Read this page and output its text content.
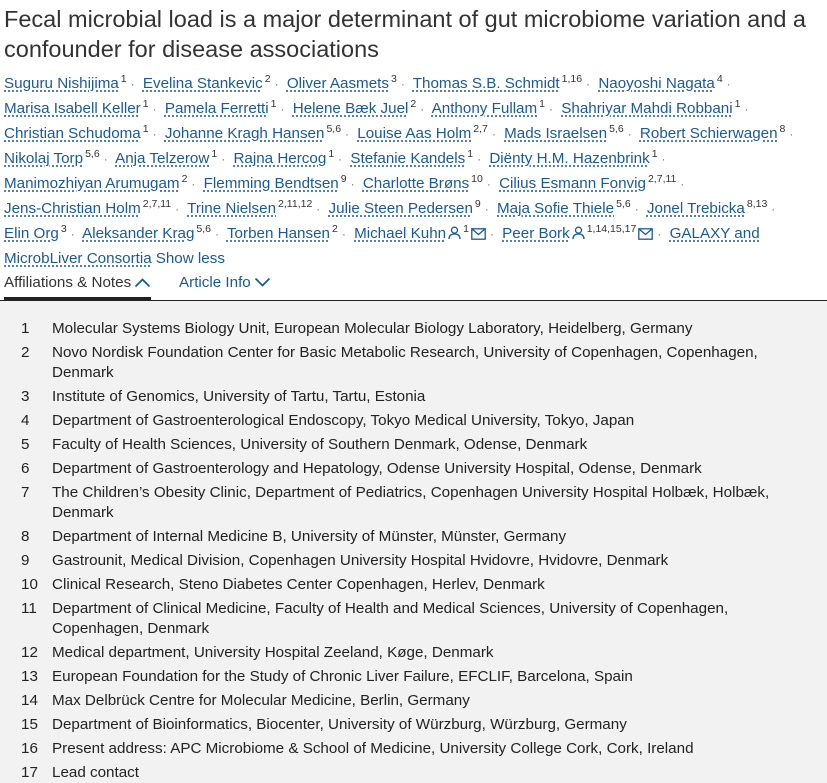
Fecal microbial load is a major determinant of gut microbiome variation and a confounder for disease associations
Suguru Nishijima $^1$ · Evelina Stankevic $^2$ · Oliver Aasmets $^3$ · Thomas S.B. Schmidt $^{1,16}$ · Naoyoshi Nagata $^4$ · Marisa Isabell Keller $^1$ · Pamela Ferretti $^1$ · Helene Bæk Juel $^2$ · Anthony Fullam $^1$ · Shahriyar Mahdi Robbani $^1$ · Christian Schudoma $^1$ · Johanne Kragh Hansen $^{5,6}$ · Louise Aas Holm $^{2,7}$ · Mads Israelsen $^{5,6}$ · Robert Schierwagen $^8$ · Nikolaj Torp $^{5,6}$ · Anja Telzerow $^1$ · Rajna Hercog $^1$ · Stefanie Kandels $^1$ · Diënty H.M. Hazenbrink $^1$ · Manimozhiyan Arumugam $^2$ · Flemming Bendtsen $^9$ · Charlotte Brøns $^{10}$ · Cilius Esmann Fonvig $^{2,7,11}$ · Jens-Christian Holm $^{2,7,11}$ · Trine Nielsen $^{2,11,12}$ · Julie Steen Pedersen $^9$ · Maja Sofie Thiele $^{5,6}$ · Jonel Trebicka $^{8,13}$ · Elin Org $^3$ · Aleksander Krag $^{5,6}$ · Torben Hansen $^2$ · Michael Kuhn $^1$ · Peer Bork $^{1,14,15,17}$ · GALAXY and MicrobLiver Consortia Show less
Affiliations & Notes	Article Info
1	Molecular Systems Biology Unit, European Molecular Biology Laboratory, Heidelberg, Germany
2	Novo Nordisk Foundation Center for Basic Metabolic Research, University of Copenhagen, Copenhagen, Denmark
3	Institute of Genomics, University of Tartu, Tartu, Estonia
4	Department of Gastroenterological Endoscopy, Tokyo Medical University, Tokyo, Japan
5	Faculty of Health Sciences, University of Southern Denmark, Odense, Denmark
6	Department of Gastroenterology and Hepatology, Odense University Hospital, Odense, Denmark
7	The Children’s Obesity Clinic, Department of Pediatrics, Copenhagen University Hospital Holbæk, Holbæk, Denmark
8	Department of Internal Medicine B, University of Münster, Münster, Germany
9	Gastrounit, Medical Division, Copenhagen University Hospital Hvidovre, Hvidovre, Denmark
10 Clinical Research, Steno Diabetes Center Copenhagen, Herlev, Denmark
11	Department of Clinical Medicine, Faculty of Health and Medical Sciences, University of Copenhagen, Copenhagen, Denmark
12 Medical department, University Hospital Zeeland, Køge, Denmark
13 European Foundation for the Study of Chronic Liver Failure, EFCLIF, Barcelona, Spain
14 Max Delbrück Centre for Molecular Medicine, Berlin, Germany
15 Department of Bioinformatics, Biocenter, University of Würzburg, Würzburg, Germany
16 Present address: APC Microbiome & School of Medicine, University College Cork, Cork, Ireland
17 Lead contact
